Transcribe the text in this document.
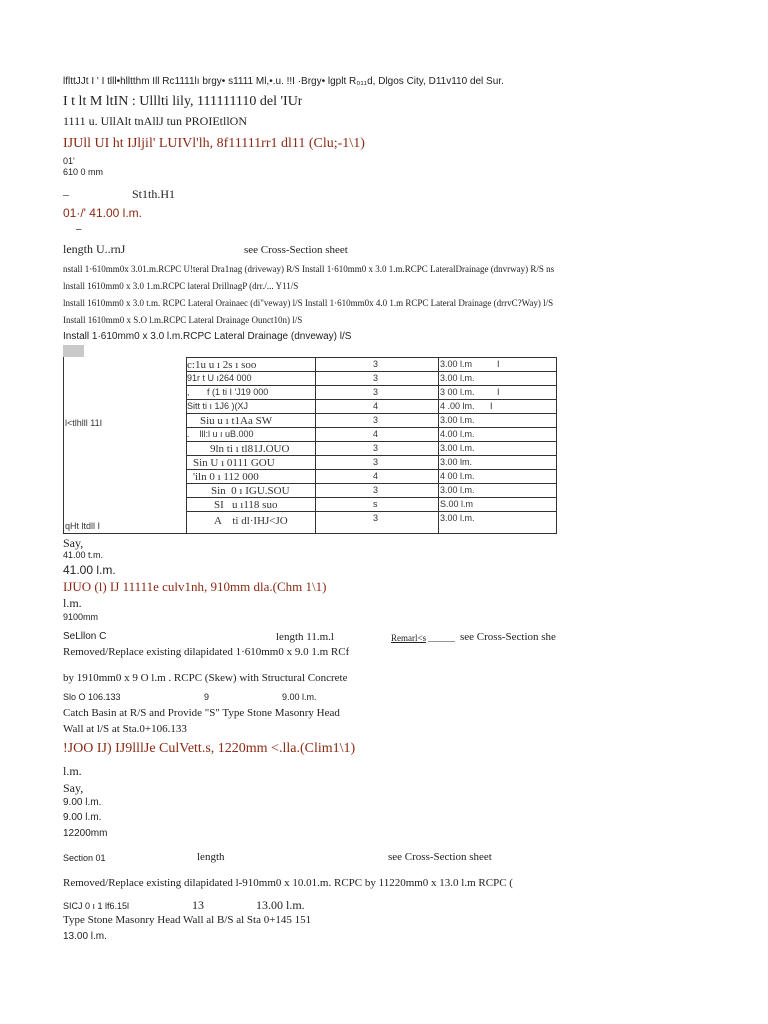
lflttJJt I ' I tlll•hlltthm Ill Rc1111lı brgy• s1111 Ml,•.u. !!I ·Brgy• lgplt R₀₁₁d, Dlgos City, D11v110 del Sur.
I t lt M ltIN : Ulllti lily, 111111110 del 'IUr
1111 u. UllAlt tnAllJ tun PROIEtllON
IJUll UI ht IJljil' LUIVl'lh, 8f11111rr1 dl11 (Clu;-1\1)
01'
610 0 mm
–                     St1th.H1
01·/' 41.00 l.m.
–
length U..rnJ	see Cross-Section sheet
nstall 1·610mm0x 3.01.m.RCPC U!teral Dra1nag (driveway) R/S Install 1·610mm0 x 3.0 1.m.RCPC LateralDrainage (dnvrway) R/S ns
lnstall 1610mm0 x 3.0 1.m.RCPC lateral DrillnagP (drr./... Y11/S
lnstall 1610mm0 x 3.0 t.m. RCPC Lateral Orainaec (di"veway) l/S Install 1·610mm0x 4.0 1.m RCPC Lateral Drainage (drrvC?Way) l/S
Install 1610mm0 x S.O l.m.RCPC Lateral Drainage Ounct10n) l/S
Install 1·610mm0 x 3.0 l.m.RCPC Lateral Drainage (dnveway) l/S
l<tlhlll 11I
qHt ltdll I
c:1u u ı 2s ı soo	3	3.00 l.m	I
91r t U ı264 000	3	3.00 l.m.
,       f (1 ti I 'J19 000	3	3 00 l.m. I
Sitt ti ı 1J6 )(XJ	4	4 .00 lm. I
Siu u ı t1Aa SW	3	3.00 l.m.
.    lll:l u ı uB.000	4	4.00 l.m.
9ln ti ı tl81J.OUO	3	3.00 l.m.
Sin U ı 0111 GOU	3	3.00 lm.
'iln 0 ı 112 000	4	4 00 l.m.
Sin  0 ı IGU.SOU	3	3.00 l.m.
SI   u ı118 suo	s	S.00 l.m
A    ti dl·IHJ<JO	3	3.00 l.m.
Say,
41.00 t.m.
41.00 l.m.
IJUO (l) IJ 11111e culv1nh, 910mm dla.(Chm 1\1)
l.m.
9100mm
SeLllon C	length 11.m.l	Remarl<s ______ see Cross-Section she
Removed/Replace existing dilapidated 1·610mm0 x 9.0 1.m RCf
by 1910mm0 x 9 O l.m . RCPC (Skew) with Structural Concrete
Slo O 106.133	9	9.00 l.m.
Catch Basin at R/S and Provide "S" Type Stone Masonry Head
Wall at l/S at Sta.0+106.133
!JOO IJ) IJ9lllJe CulVett.s, 1220mm <.lla.(Clim1\1)
l.m.
Say,
9.00 l.m.
9.00 l.m.
12200mm
Section 01	length	see Cross-Section sheet
Removed/Replace existing dilapidated l-910mm0 x 10.01.m. RCPC by 11220mm0 x 13.0 l.m RCPC (
SICJ 0 ı 1 lf6.15l	13	13.00 l.m.
Type Stone Masonry Head Wall al B/S al Sta 0+145 151
13.00 l.m.
